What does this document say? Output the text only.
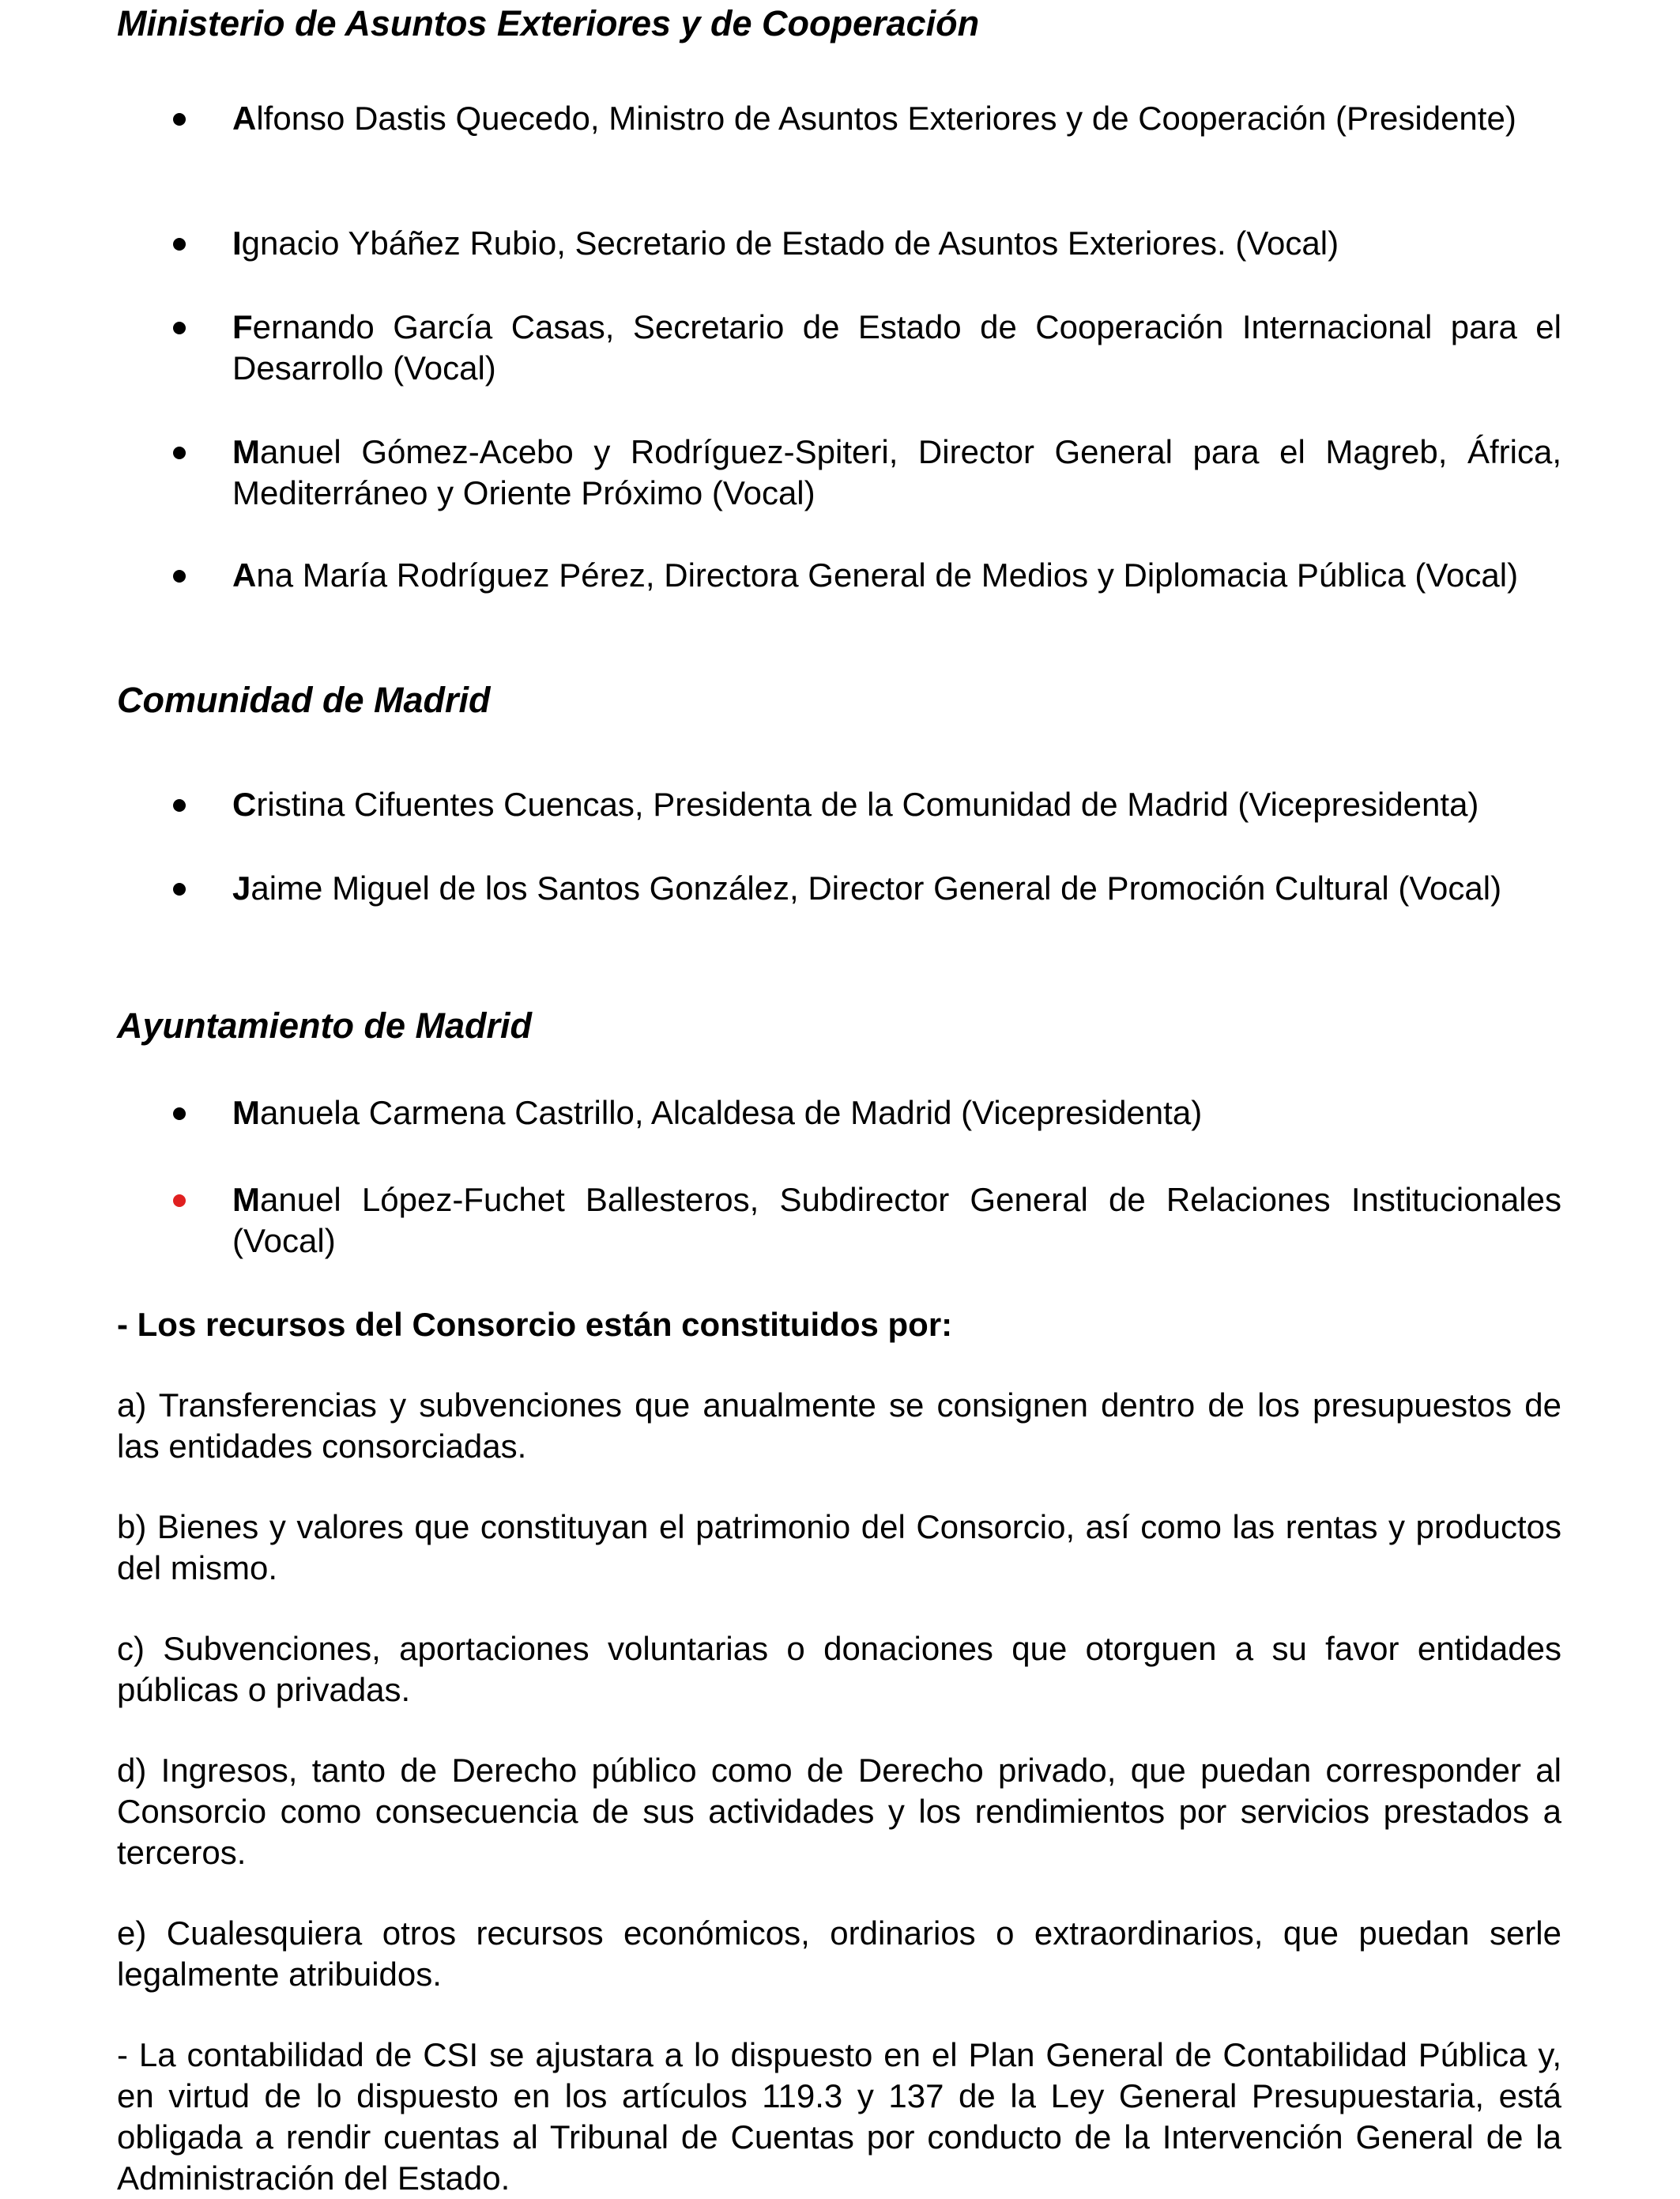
Ministerio de Asuntos Exteriores y de Cooperación
Alfonso Dastis Quecedo, Ministro de Asuntos Exteriores y de Cooperación (Presidente)
Ignacio Ybáñez Rubio, Secretario de Estado de Asuntos Exteriores. (Vocal)
Fernando García Casas, Secretario de Estado de Cooperación Internacional para el Desarrollo (Vocal)
Manuel Gómez-Acebo y Rodríguez-Spiteri, Director General para el Magreb, África, Mediterráneo y Oriente Próximo (Vocal)
Ana María Rodríguez Pérez, Directora General de Medios y Diplomacia Pública (Vocal)
Comunidad de Madrid
Cristina Cifuentes Cuencas, Presidenta de la Comunidad de Madrid (Vicepresidenta)
Jaime Miguel de los Santos González, Director General de Promoción Cultural (Vocal)
Ayuntamiento de Madrid
Manuela Carmena Castrillo, Alcaldesa de Madrid (Vicepresidenta)
Manuel López-Fuchet Ballesteros, Subdirector General de Relaciones Institucionales (Vocal)

- Los recursos del Consorcio están constituidos por:

a) Transferencias y subvenciones que anualmente se consignen dentro de los presupuestos de las entidades consorciadas.

b) Bienes y valores que constituyan el patrimonio del Consorcio, así como las rentas y productos del mismo.

c) Subvenciones, aportaciones voluntarias o donaciones que otorguen a su favor entidades públicas o privadas.

d) Ingresos, tanto de Derecho público como de Derecho privado, que puedan corresponder al Consorcio como consecuencia de sus actividades y los rendimientos por servicios prestados a terceros.

e) Cualesquiera otros recursos económicos, ordinarios o extraordinarios, que puedan serle legalmente atribuidos.

- La contabilidad de CSI se ajustara a lo dispuesto en el Plan General de Contabilidad Pública y, en virtud de lo dispuesto en los artículos 119.3 y 137 de la Ley General Presupuestaria, está obligada a rendir cuentas al Tribunal de Cuentas por conducto de la Intervención General de la Administración del Estado.
